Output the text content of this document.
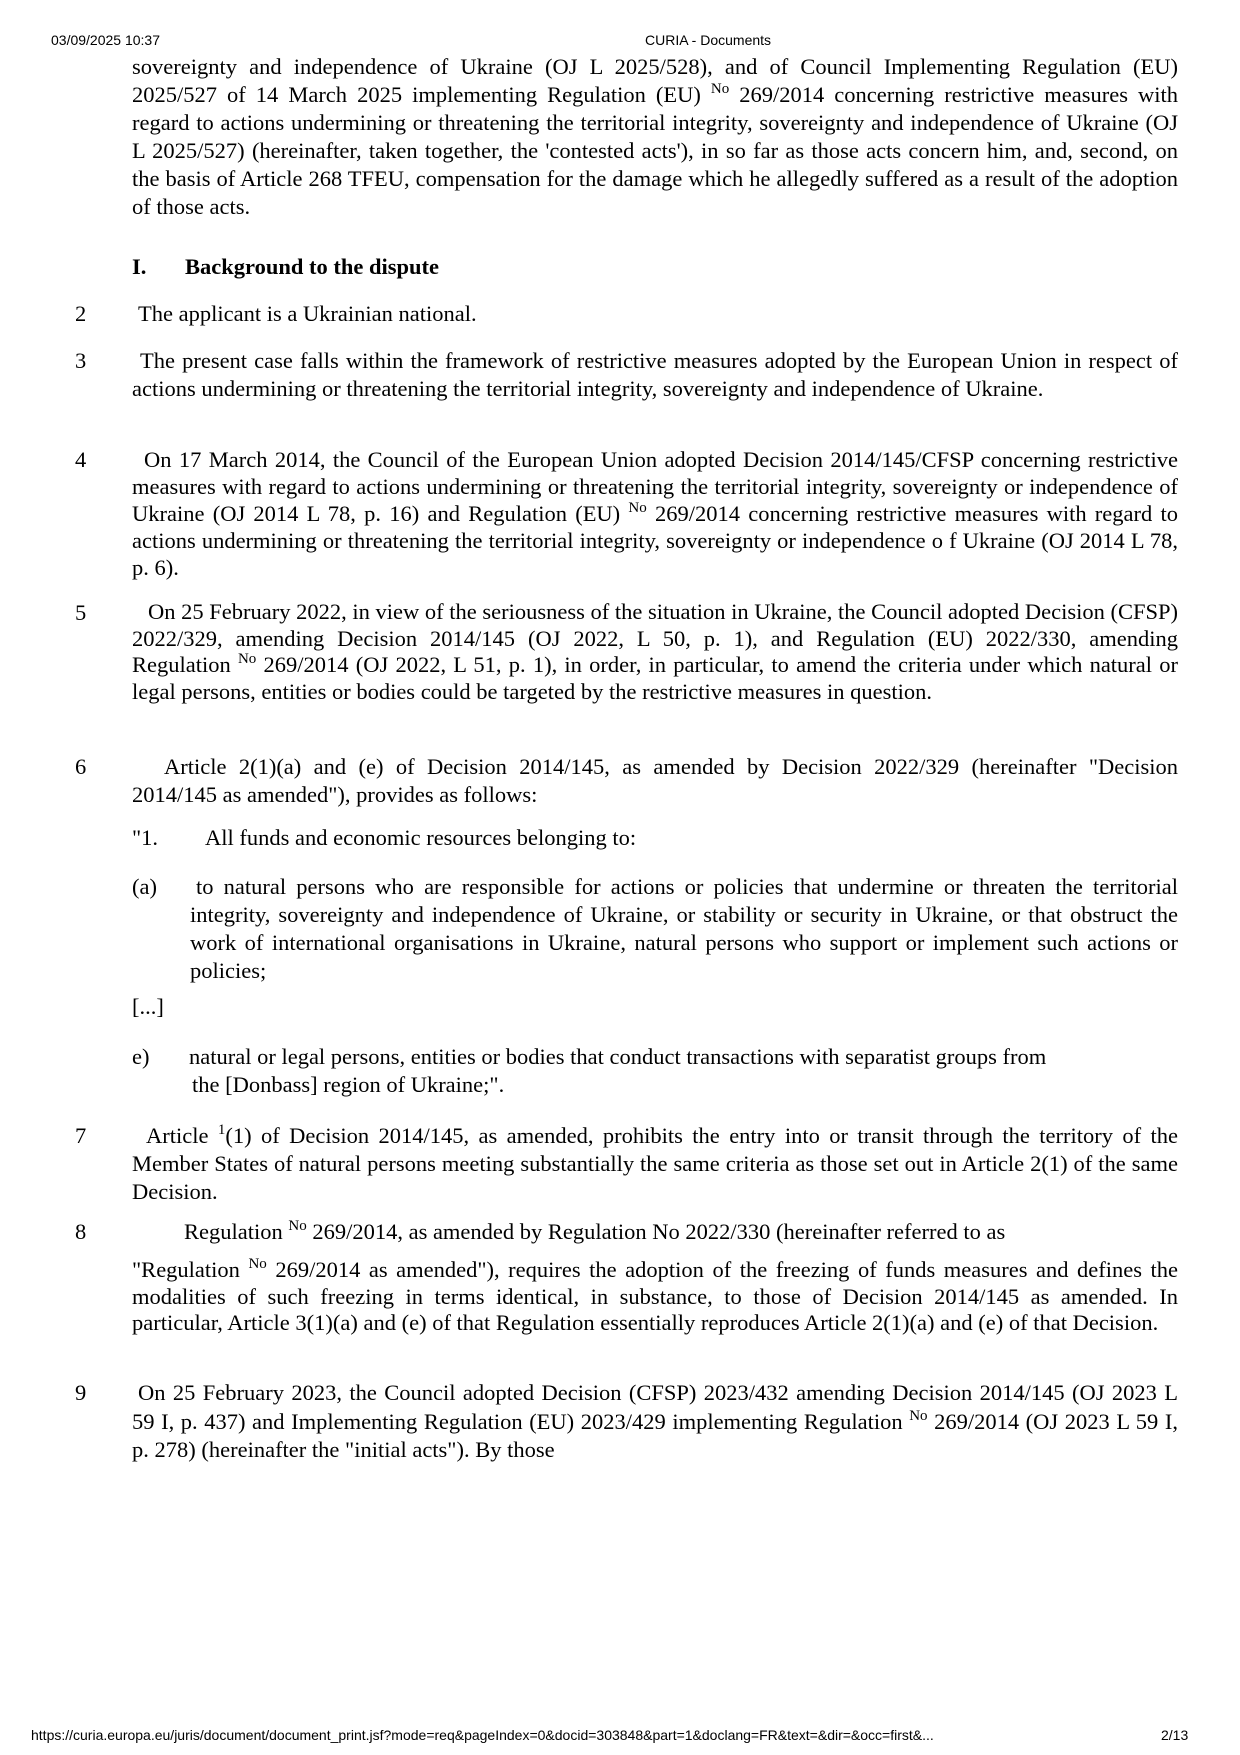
03/09/2025 10:37	CURIA - Documents
sovereignty and independence of Ukraine (OJ L 2025/528), and of Council Implementing Regulation (EU) 2025/527 of 14 March 2025 implementing Regulation (EU) $^{No}$ 269/2014 concerning restrictive measures with regard to actions undermining or threatening the territorial integrity, sovereignty and independence of Ukraine (OJ L 2025/527) (hereinafter, taken together, the 'contested acts'), in so far as those acts concern him, and, second, on the basis of Article 268 TFEU, compensation for the damage which he allegedly suffered as a result of the adoption of those acts.
I. Background to the dispute
2 The applicant is a Ukrainian national.
3	The present case falls within the framework of restrictive measures adopted by the European Union in respect of actions undermining or threatening the territorial integrity, sovereignty and independence of Ukraine.
4	On 17 March 2014, the Council of the European Union adopted Decision 2014/145/CFSP concerning restrictive measures with regard to actions undermining or threatening the territorial integrity, sovereignty or independence of Ukraine (OJ 2014 L 78, p. 16) and Regulation (EU) $^{No}$ 269/2014 concerning restrictive measures with regard to actions undermining or threatening the territorial integrity, sovereignty or independence o f Ukraine (OJ 2014 L 78, p. 6).
5	On 25 February 2022, in view of the seriousness of the situation in Ukraine, the Council adopted Decision (CFSP) 2022/329, amending Decision 2014/145 (OJ 2022, L 50, p. 1), and Regulation (EU) 2022/330, amending Regulation $^{No}$ 269/2014 (OJ 2022, L 51, p. 1), in order, in particular, to amend the criteria under which natural or legal persons, entities or bodies could be targeted by the restrictive measures in question.
6	Article 2(1)(a) and (e) of Decision 2014/145, as amended by Decision 2022/329 (hereinafter "Decision 2014/145 as amended"), provides as follows:
"1. All funds and economic resources belonging to:
(a) to natural persons who are responsible for actions or policies that undermine or threaten the territorial integrity, sovereignty and independence of Ukraine, or stability or security in Ukraine, or that obstruct the work of international organisations in Ukraine, natural persons who support or implement such actions or policies;
[...]
e) natural or legal persons, entities or bodies that conduct transactions with separatist groups from
the [Donbass] region of Ukraine;".
7	Article $^1$(1) of Decision 2014/145, as amended, prohibits the entry into or transit through the territory of the Member States of natural persons meeting substantially the same criteria as those set out in Article 2(1) of the same Decision.
8	Regulation $^{No}$ 269/2014, as amended by Regulation No 2022/330 (hereinafter referred to as
"Regulation $^{No}$ 269/2014 as amended"), requires the adoption of the freezing of funds measures and defines the modalities of such freezing in terms identical, in substance, to those of Decision 2014/145 as amended. In particular, Article 3(1)(a) and (e) of that Regulation essentially reproduces Article 2(1)(a) and (e) of that Decision.
9 On 25 February 2023, the Council adopted Decision (CFSP) 2023/432 amending Decision 2014/145 (OJ 2023 L 59 I, p. 437) and Implementing Regulation (EU) 2023/429 implementing Regulation $^{No}$ 269/2014 (OJ 2023 L 59 I, p. 278) (hereinafter the "initial acts"). By those
https://curia.europa.eu/juris/document/document_print.jsf?mode=req&pageIndex=0&docid=303848&part=1&doclang=FR&text=&dir=&occ=first&...	2/13
